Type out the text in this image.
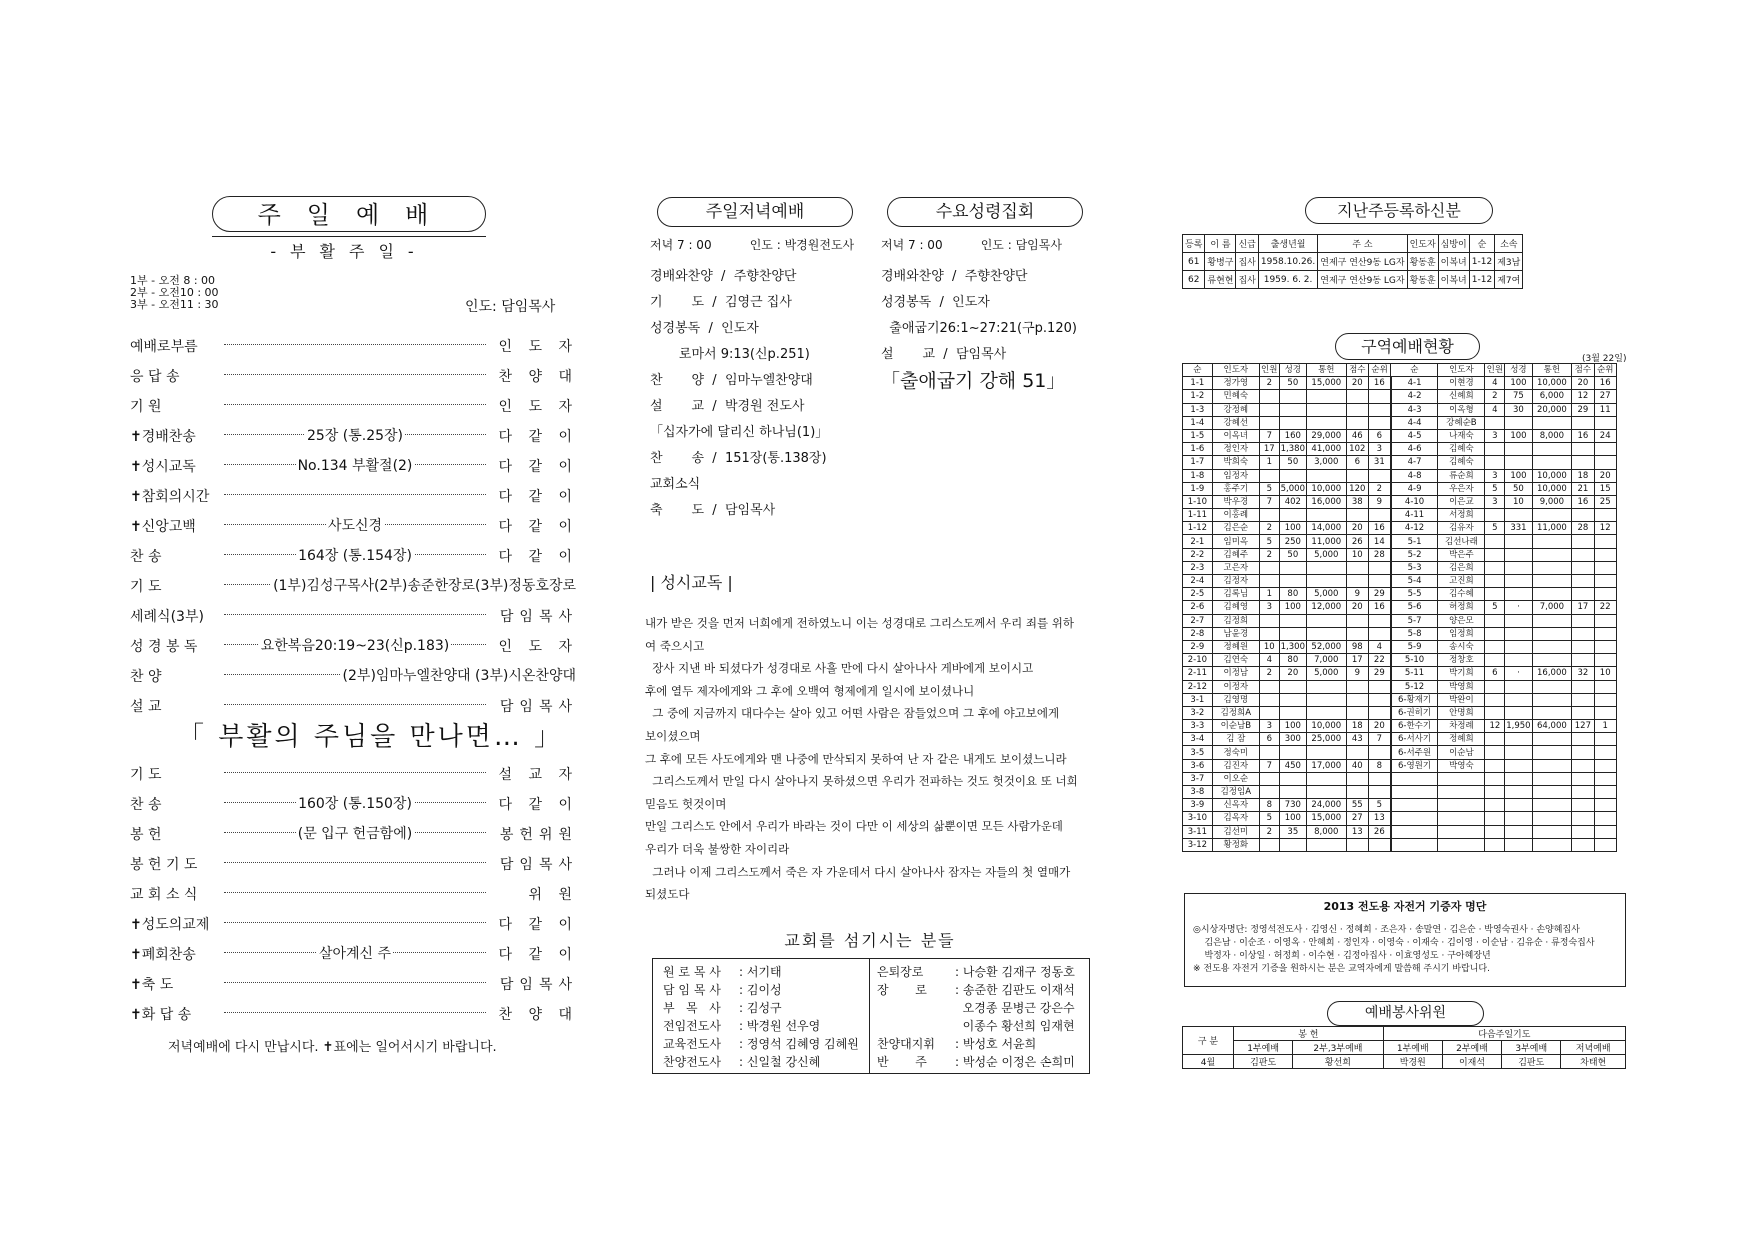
주일예배
-부활주일-
1부 - 오전 8 : 00
2부 - 오전10 : 00
3부 - 오전11 : 30	인도: 담임목사
예배로부름	인 도 자
응 답 송	찬 양 대
기 원	인 도 자
✝경배찬송	25장 (통.25장)	다 같 이
✝성시교독	No.134 부활절(2)	다 같 이
✝참회의시간	다 같 이
✝신앙고백	사도신경	다 같 이
찬 송	164장 (통.154장)	다 같 이
기 도	(1부)김성구목사(2부)송준한장로(3부)정동호장로
세례식(3부)	담임목사
성 경 봉 독	요한복음20:19~23(신p.183)	인 도 자
찬 양	(2부)임마누엘찬양대 (3부)시온찬양대
설 교	담임목사
「 부활의 주님을 만나면… 」
기 도	설 교 자
찬 송	160장 (통.150장)	다 같 이
봉 헌	(문 입구 헌금함에)	봉헌위원
봉 헌 기 도	담임목사
교 회 소 식	위 원
✝성도의교제	다 같 이
✝폐회찬송	살아계신 주	다 같 이
✝축 도	담임목사
✝화 답 송	찬 양 대
저녁예배에 다시 만납시다. ✝표에는 일어서시기 바랍니다.
주일저녁예배	수요성령집회
저녁 7 : 00          인도 : 박경원전도사
경배와찬양  /  주향찬양단
기       도  /  김영근 집사
성경봉독  /  인도자
로마서 9:13(신p.251)
찬       양  /  임마누엘찬양대
설       교  /  박경원 전도사
「십자가에 달리신 하나님(1)」
찬       송  /  151장(통.138장)
교회소식
축       도  /  담임목사
저녁 7 : 00          인도 : 담임목사
경배와찬양  /  주향찬양단
성경봉독  /  인도자
출애굽기26:1~27:21(구p.120)
설       교  /  담임목사
「출애굽기 강해 51」
| 성시교독 |
내가 받은 것을 먼저 너희에게 전하였노니 이는 성경대로 그리스도께서 우리 죄를 위하
여 죽으시고
장사 지낸 바 되셨다가 성경대로 사흘 만에 다시 살아나사 게바에게 보이시고
후에 열두 제자에게와 그 후에 오백여 형제에게 일시에 보이셨나니
그 중에 지금까지 대다수는 살아 있고 어떤 사람은 잠들었으며 그 후에 야고보에게
보이셨으며
그 후에 모든 사도에게와 맨 나중에 만삭되지 못하여 난 자 같은 내게도 보이셨느니라
그리스도께서 만일 다시 살아나지 못하셨으면 우리가 전파하는 것도 헛것이요 또 너희
믿음도 헛것이며
만일 그리스도 안에서 우리가 바라는 것이 다만 이 세상의 삶뿐이면 모든 사람가운데
우리가 더욱 불쌍한 자이리라
그러나 이제 그리스도께서 죽은 자 가운데서 다시 살아나사 잠자는 자들의 첫 열매가
되셨도다
교회를 섬기시는 분들
원 로 목 사 : 서기태
담 임 목 사 : 김이성
부   목   사 : 김성구
전임전도사 : 박경원 선우영
교육전도사 : 정영석 김혜영 김혜원
찬양전도사 : 신일철 강신혜
은퇴장로	: 나승환 김재구 정동호
장       로 : 송준한 김판도 이재석
오경종 문병근 강은수
이종수 황선희 임재현
찬양대지휘 : 박성호 서윤희
반       주 : 박성순 이정은 손희미
지난주등록하신분
등록	이 름	신급	출생년월	주 소	인도자	심방이	순	소속
61	황병구	집사	1958.10.26.	연제구 연산9동 LG자	황동훈	이복녀	1-12	제3남
62	류현현	집사	1959. 6. 2.	연제구 연산9동 LG자	황동훈	이복녀	1-12	제7여
구역예배현황
(3월 22일)
순	인도자	인원	성경	통헌	점수	순위	순	인도자	인원	성경	통헌	점수	순위
1-1	정가영	2	50	15,000	20	16	4-1	이현경	4	100	10,000	20	16
1-2	민혜숙						4-2	신혜희	2	75	6,000	12	27
1-3	강정혜						4-3	이옥형	4	30	20,000	29	11
1-4	강혜선						4-4	강혜순B					
1-5	이옥녀	7	160	29,000	46	6	4-5	나재숙	3	100	8,000	16	24
1-6	정인자	17	1,380	41,000	102	3	4-6	김혜숙					
1-7	박희숙	1	50	3,000	6	31	4-7	김혜숙					
1-8	임정자						4-8	류순희	3	100	10,000	18	20
1-9	홍주기	5	5,000	10,000	120	2	4-9	우은자	5	50	10,000	21	15
1-10	박우경	7	402	16,000	38	9	4-10	이은교	3	10	9,000	16	25
1-11	이홍례						4-11	서정희					
1-12	김은순	2	100	14,000	20	16	4-12	김유자	5	331	11,000	28	12
2-1	임미옥	5	250	11,000	26	14	5-1	김선나래					
2-2	김혜주	2	50	5,000	10	28	5-2	박은주					
2-3	고은자						5-3	김은희					
2-4	김정자						5-4	고진희					
2-5	김록님	1	80	5,000	9	29	5-5	김수혜					
2-6	김혜영	3	100	12,000	20	16	5-6	허정희	5	·	7,000	17	22
2-7	김정희						5-7	양은모					
2-8	남윤경						5-8	임정희					
2-9	정혜원	10	1,300	52,000	98	4	5-9	송시숙					
2-10	김연숙	4	80	7,000	17	22	5-10	정창호					
2-11	이정남	2	20	5,000	9	29	5-11	박기희	6	·	16,000	32	10
2-12	이정자						5-12	박영희					
3-1	김영명						6-황재기	박완이					
3-2	김정희A						6-권히기	안명희					
3-3	이순남B	3	100	10,000	18	20	6-한수기	차정례	12	1,950	64,000	127	1
3-4	김 잠	6	300	25,000	43	7	6-서사기	정혜희					
3-5	정숙미						6-서주원	이순남					
3-6	김진자	7	450	17,000	40	8	6-영원기	박영숙					
3-7	이오순												
3-8	김정임A												
3-9	신옥자	8	730	24,000	55	5							
3-10	김옥자	5	100	15,000	27	13							
3-11	김선미	2	35	8,000	13	26							
3-12	황정화												
2013 전도용 자전거 기증자 명단
◎시상자명단: 정영석전도사 · 김영신 · 정혜희 · 조은자 · 송말연 · 김은순 · 박영숙권사 · 손양혜집사
김은남 · 이순조 · 이영옥 · 안혜희 · 정인자 · 이영숙 · 이재숙 · 김이영 · 이순남 · 김유순 · 류정숙집사
박정자 · 이상일 · 허정희 · 이수현 · 김정아집사 · 이효영성도 · 구아혜장년
※ 전도용 자전거 기증을 원하시는 분은 교역자에게 말씀해 주시기 바랍니다.
예배봉사위원
구 분	봉 헌		다음주일기도			
	1부예배	2부,3부예배	1부예배	2부예배	3부예배	저녁예배
4월	김판도	황선희	박경원	이재석	김판도	차태현
